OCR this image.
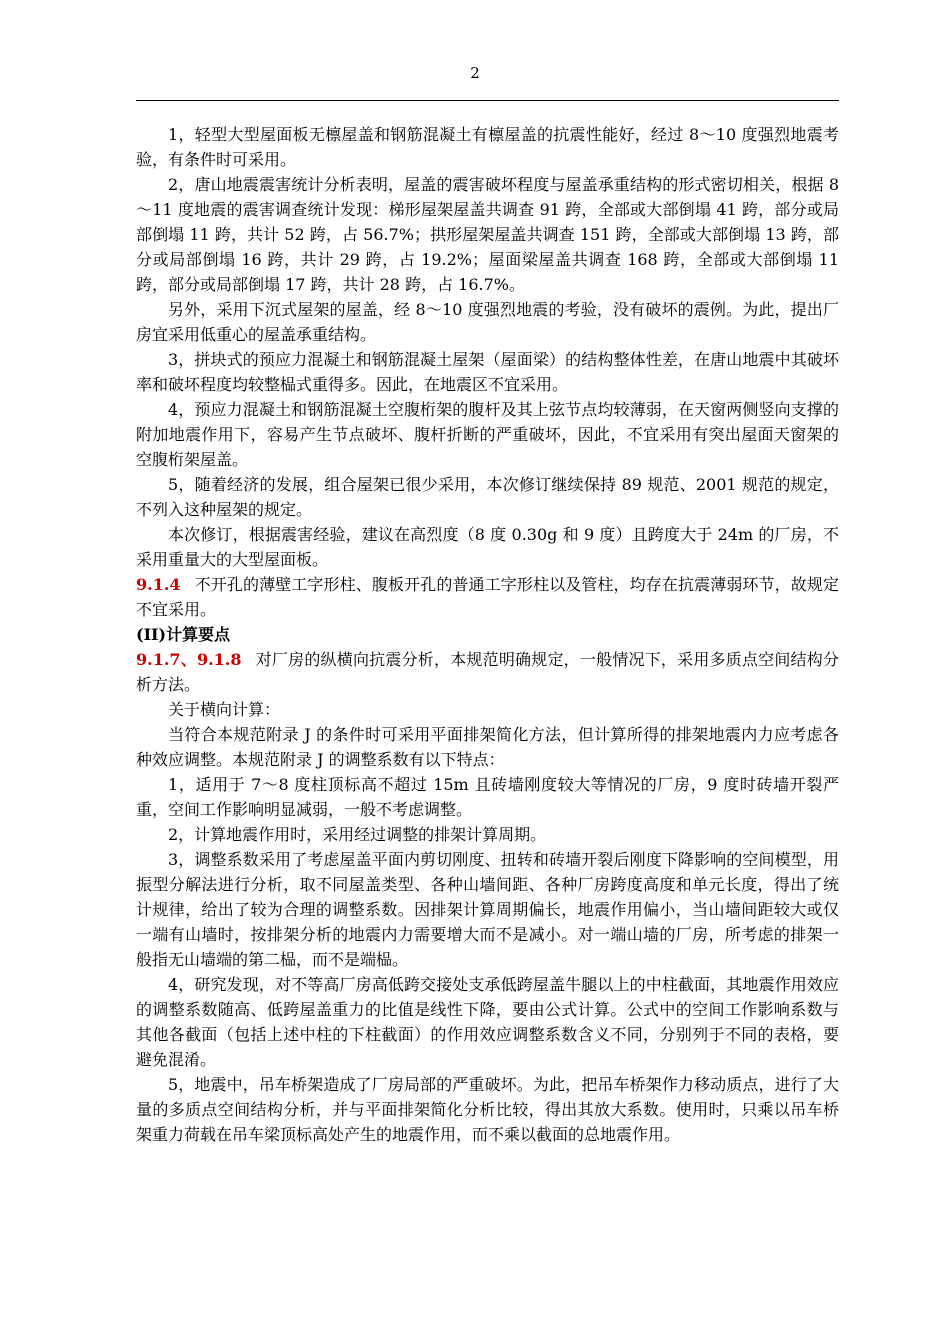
2

1，轻型大型屋面板无檩屋盖和钢筋混凝土有檩屋盖的抗震性能好，经过 8～10 度强烈地震考验，有条件时可采用。

2，唐山地震震害统计分析表明，屋盖的震害破坏程度与屋盖承重结构的形式密切相关，根据 8～11 度地震的震害调查统计发现：梯形屋架屋盖共调查 91 跨，全部或大部倒塌 41 跨，部分或局部倒塌 11 跨，共计 52 跨，占 56.7%；拱形屋架屋盖共调查 151 跨，全部或大部倒塌 13 跨，部分或局部倒塌 16 跨，共计 29 跨，占 19.2%；屋面梁屋盖共调查 168 跨，全部或大部倒塌 11 跨，部分或局部倒塌 17 跨，共计 28 跨，占 16.7%。

另外，采用下沉式屋架的屋盖，经 8～10 度强烈地震的考验，没有破坏的震例。为此，提出厂房宜采用低重心的屋盖承重结构。

3，拼块式的预应力混凝土和钢筋混凝土屋架（屋面梁）的结构整体性差，在唐山地震中其破坏率和破坏程度均较整榀式重得多。因此，在地震区不宜采用。

4，预应力混凝土和钢筋混凝土空腹桁架的腹杆及其上弦节点均较薄弱，在天窗两侧竖向支撑的附加地震作用下，容易产生节点破坏、腹杆折断的严重破坏，因此，不宜采用有突出屋面天窗架的空腹桁架屋盖。

5，随着经济的发展，组合屋架已很少采用，本次修订继续保持 89 规范、2001 规范的规定，不列入这种屋架的规定。

本次修订，根据震害经验，建议在高烈度（8 度 0.30g 和 9 度）且跨度大于 24m 的厂房，不采用重量大的大型屋面板。

9.1.4 不开孔的薄壁工字形柱、腹板开孔的普通工字形柱以及管柱，均存在抗震薄弱环节，故规定不宜采用。

(II)计算要点

9.1.7、9.1.8 对厂房的纵横向抗震分析，本规范明确规定，一般情况下，采用多质点空间结构分析方法。

关于横向计算：

当符合本规范附录 J 的条件时可采用平面排架简化方法，但计算所得的排架地震内力应考虑各种效应调整。本规范附录 J 的调整系数有以下特点：

1，适用于 7～8 度柱顶标高不超过 15m 且砖墙刚度较大等情况的厂房，9 度时砖墙开裂严重，空间工作影响明显减弱，一般不考虑调整。

2，计算地震作用时，采用经过调整的排架计算周期。

3，调整系数采用了考虑屋盖平面内剪切刚度、扭转和砖墙开裂后刚度下降影响的空间模型，用振型分解法进行分析，取不同屋盖类型、各种山墙间距、各种厂房跨度高度和单元长度，得出了统计规律，给出了较为合理的调整系数。因排架计算周期偏长，地震作用偏小，当山墙间距较大或仅一端有山墙时，按排架分析的地震内力需要增大而不是减小。对一端山墙的厂房，所考虑的排架一般指无山墙端的第二榀，而不是端榀。

4，研究发现，对不等高厂房高低跨交接处支承低跨屋盖牛腿以上的中柱截面，其地震作用效应的调整系数随高、低跨屋盖重力的比值是线性下降，要由公式计算。公式中的空间工作影响系数与其他各截面（包括上述中柱的下柱截面）的作用效应调整系数含义不同，分别列于不同的表格，要避免混淆。

5，地震中，吊车桥架造成了厂房局部的严重破坏。为此，把吊车桥架作力移动质点，进行了大量的多质点空间结构分析，并与平面排架简化分析比较，得出其放大系数。使用时，只乘以吊车桥架重力荷载在吊车梁顶标高处产生的地震作用，而不乘以截面的总地震作用。
